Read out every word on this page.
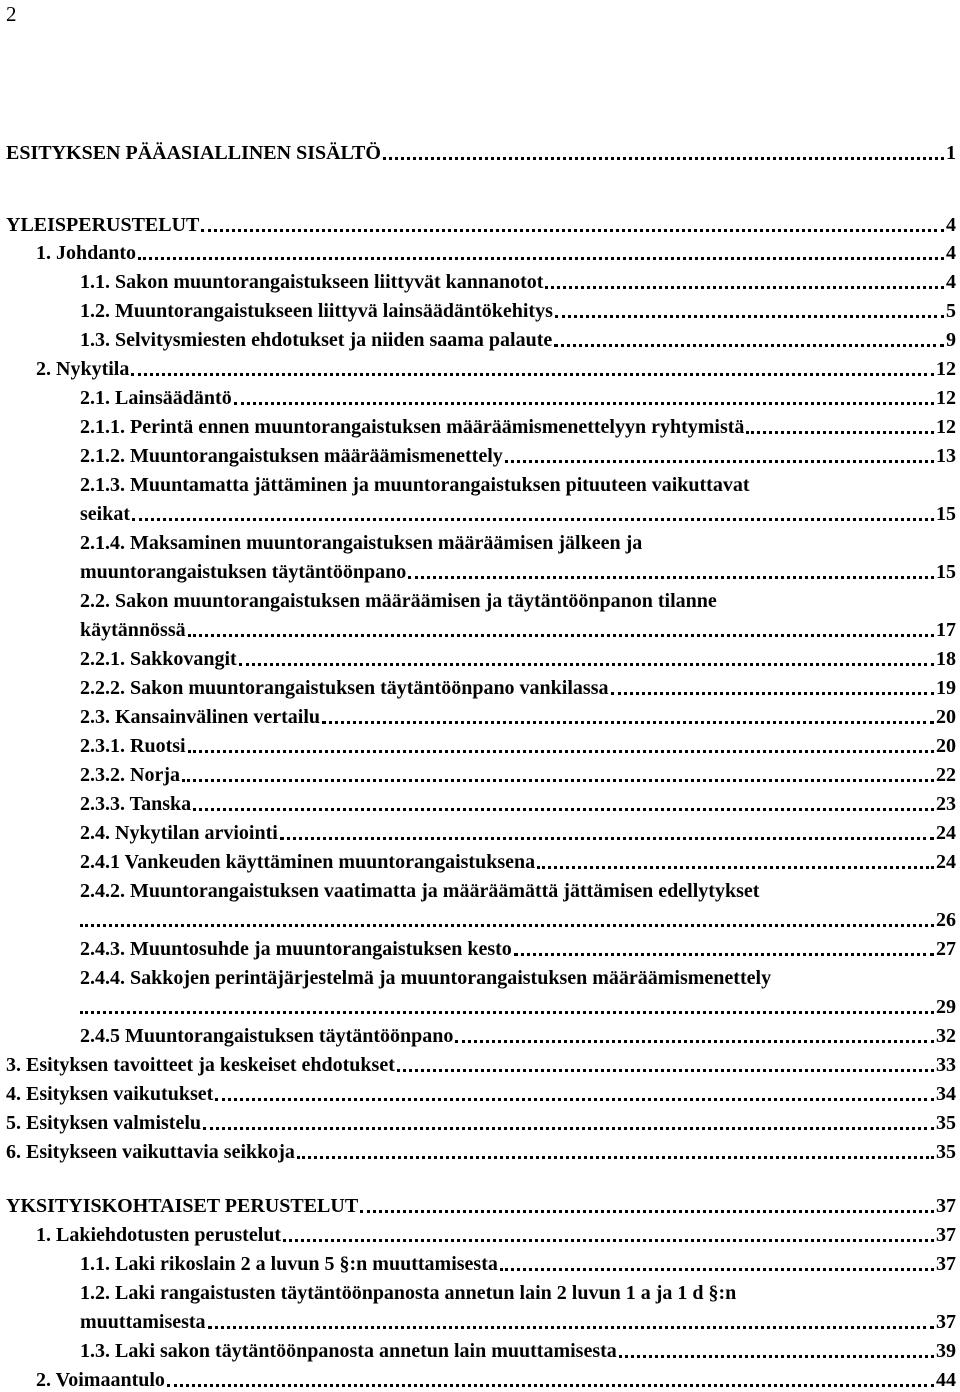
2
ESITYKSEN PÄÄASIALLINEN SISÄLTÖ	1
YLEISPERUSTELUT	4
1. Johdanto	4
1.1. Sakon muuntorangaistukseen liittyvät kannanotot	4
1.2. Muuntorangaistukseen liittyvä lainsäädäntökehitys	5
1.3. Selvitysmiesten ehdotukset ja niiden saama palaute	9
2. Nykytila	12
2.1. Lainsäädäntö	12
2.1.1. Perintä ennen muuntorangaistuksen määräämismenettelyyn ryhtymistä	12
2.1.2. Muuntorangaistuksen määräämismenettely	13
2.1.3. Muuntamatta jättäminen ja muuntorangaistuksen pituuteen vaikuttavat
seikat	15
2.1.4. Maksaminen muuntorangaistuksen määräämisen jälkeen ja
muuntorangaistuksen täytäntöönpano	15
2.2. Sakon muuntorangaistuksen määräämisen ja täytäntöönpanon tilanne
käytännössä	17
2.2.1. Sakkovangit	18
2.2.2. Sakon muuntorangaistuksen täytäntöönpano vankilassa	19
2.3. Kansainvälinen vertailu	20
2.3.1. Ruotsi	20
2.3.2. Norja	22
2.3.3. Tanska	23
2.4. Nykytilan arviointi	24
2.4.1 Vankeuden käyttäminen muuntorangaistuksena	24
2.4.2. Muuntorangaistuksen vaatimatta ja määräämättä jättämisen edellytykset
26
2.4.3. Muuntosuhde ja muuntorangaistuksen kesto	27
2.4.4. Sakkojen perintäjärjestelmä ja muuntorangaistuksen määräämismenettely
29
2.4.5 Muuntorangaistuksen täytäntöönpano	32
3. Esityksen tavoitteet ja keskeiset ehdotukset	33
4. Esityksen vaikutukset	34
5. Esityksen valmistelu	35
6. Esitykseen vaikuttavia seikkoja	35
YKSITYISKOHTAISET PERUSTELUT	37
1. Lakiehdotusten perustelut	37
1.1. Laki rikoslain 2 a luvun 5 §:n muuttamisesta	37
1.2. Laki rangaistusten täytäntöönpanosta annetun lain 2 luvun 1 a ja 1 d §:n
muuttamisesta	37
1.3. Laki sakon täytäntöönpanosta annetun lain muuttamisesta	39
2. Voimaantulo	44
